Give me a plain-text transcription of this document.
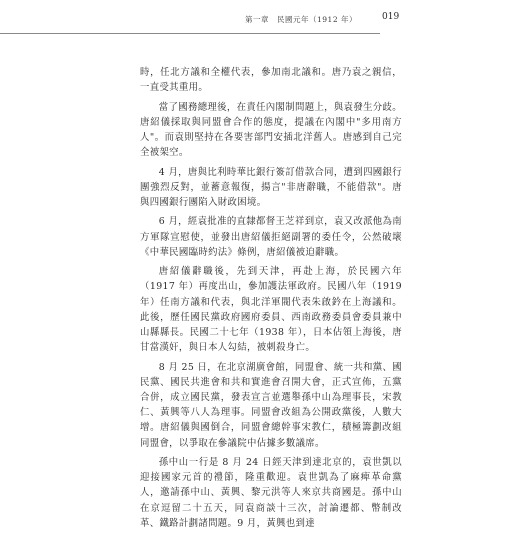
第一章　民國元年（1912 年）	019

時，任北方議和全權代表，參加南北議和。唐乃袁之親信，一直受其重用。

當了國務總理後，在責任內閣制問題上，與袁發生分歧。唐紹儀採取與同盟會合作的態度，提議在內閣中"多用南方人"。而袁則堅持在各要害部門安插北洋舊人。唐感到自己完全被架空。

4 月，唐與比利時華比銀行簽訂借款合同，遭到四國銀行團強烈反對，並蓄意報復，揚言"非唐辭職，不能借款"。唐與四國銀行團陷入財政困境。

6 月，經袁批准的直隸都督王芝祥到京，袁又改派他為南方軍隊宣慰使，並發出唐紹儀拒絕副署的委任令，公然破壞《中華民國臨時約法》條例，唐紹儀被迫辭職。

唐紹儀辭職後，先到天津，再赴上海，於民國六年（1917 年）再度出山，參加護法軍政府。民國八年（1919 年）任南方議和代表，與北洋軍閥代表朱啟鈐在上海議和。此後，歷任國民黨政府國府委員、西南政務委員會委員兼中山縣縣長。民國二十七年（1938 年），日本佔領上海後，唐甘當漢奸，與日本人勾結，被刺殺身亡。

8 月 25 日，在北京湖廣會館，同盟會、統一共和黨、國民黨、國民共進會和共和實進會召開大會，正式宣佈，五黨合併，成立國民黨，發表宣言並選舉孫中山為理事長，宋教仁、黃興等八人為理事。同盟會改組為公開政黨後，人數大增。唐紹儀與國倒合，同盟會總幹事宋教仁，積極籌劃改組同盟會，以爭取在參議院中佔據多數議席。

孫中山一行是 8 月 24 日經天津到達北京的，袁世凱以迎接國家元首的禮節，隆重歡迎。袁世凱為了麻痺革命黨人，邀請孫中山、黃興、黎元洪等人來京共商國是。孫中山在京逗留二十五天，同袁商談十三次，討論遷都、幣制改革、鐵路計劃諸問題。9 月，黃興也到達
